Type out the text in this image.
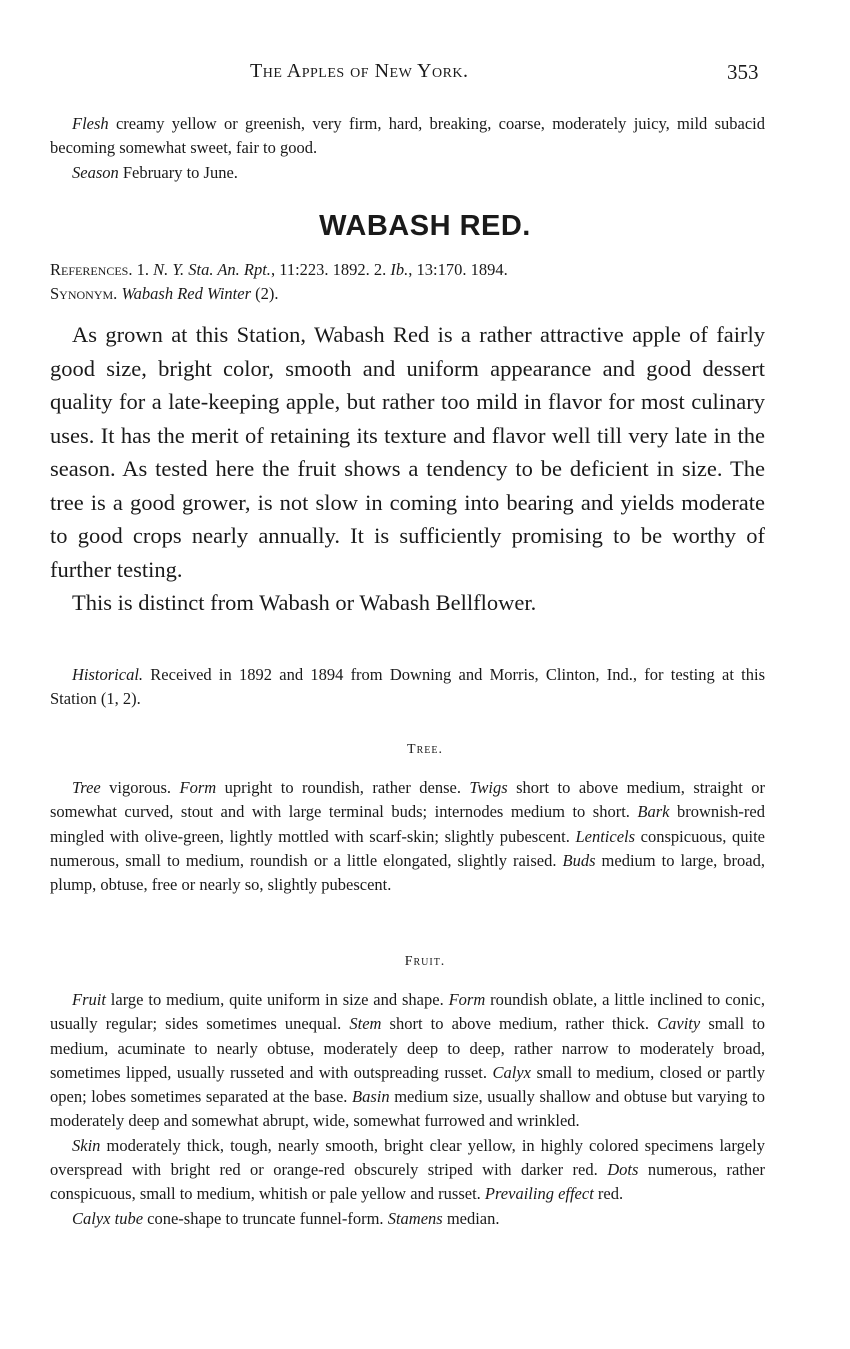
The Apples of New York.	353

Flesh creamy yellow or greenish, very firm, hard, breaking, coarse, moderately juicy, mild subacid becoming somewhat sweet, fair to good.

Season February to June.

WABASH RED.

References. 1. N. Y. Sta. An. Rpt., 11:223. 1892. 2. Ib., 13:170. 1894.

Synonym. Wabash Red Winter (2).

As grown at this Station, Wabash Red is a rather attractive apple of fairly good size, bright color, smooth and uniform appearance and good dessert quality for a late-keeping apple, but rather too mild in flavor for most culinary uses. It has the merit of retaining its texture and flavor well till very late in the season. As tested here the fruit shows a tendency to be deficient in size. The tree is a good grower, is not slow in coming into bearing and yields moderate to good crops nearly annually. It is sufficiently promising to be worthy of further testing.

This is distinct from Wabash or Wabash Bellflower.

Historical. Received in 1892 and 1894 from Downing and Morris, Clinton, Ind., for testing at this Station (1, 2).

Tree.

Tree vigorous. Form upright to roundish, rather dense. Twigs short to above medium, straight or somewhat curved, stout and with large terminal buds; internodes medium to short. Bark brownish-red mingled with olive-green, lightly mottled with scarf-skin; slightly pubescent. Lenticels conspicuous, quite numerous, small to medium, roundish or a little elongated, slightly raised. Buds medium to large, broad, plump, obtuse, free or nearly so, slightly pubescent.

Fruit.

Fruit large to medium, quite uniform in size and shape. Form roundish oblate, a little inclined to conic, usually regular; sides sometimes unequal. Stem short to above medium, rather thick. Cavity small to medium, acuminate to nearly obtuse, moderately deep to deep, rather narrow to moderately broad, sometimes lipped, usually russeted and with outspreading russet. Calyx small to medium, closed or partly open; lobes sometimes separated at the base. Basin medium size, usually shallow and obtuse but varying to moderately deep and somewhat abrupt, wide, somewhat furrowed and wrinkled.

Skin moderately thick, tough, nearly smooth, bright clear yellow, in highly colored specimens largely overspread with bright red or orange-red obscurely striped with darker red. Dots numerous, rather conspicuous, small to medium, whitish or pale yellow and russet. Prevailing effect red.

Calyx tube cone-shape to truncate funnel-form. Stamens median.
